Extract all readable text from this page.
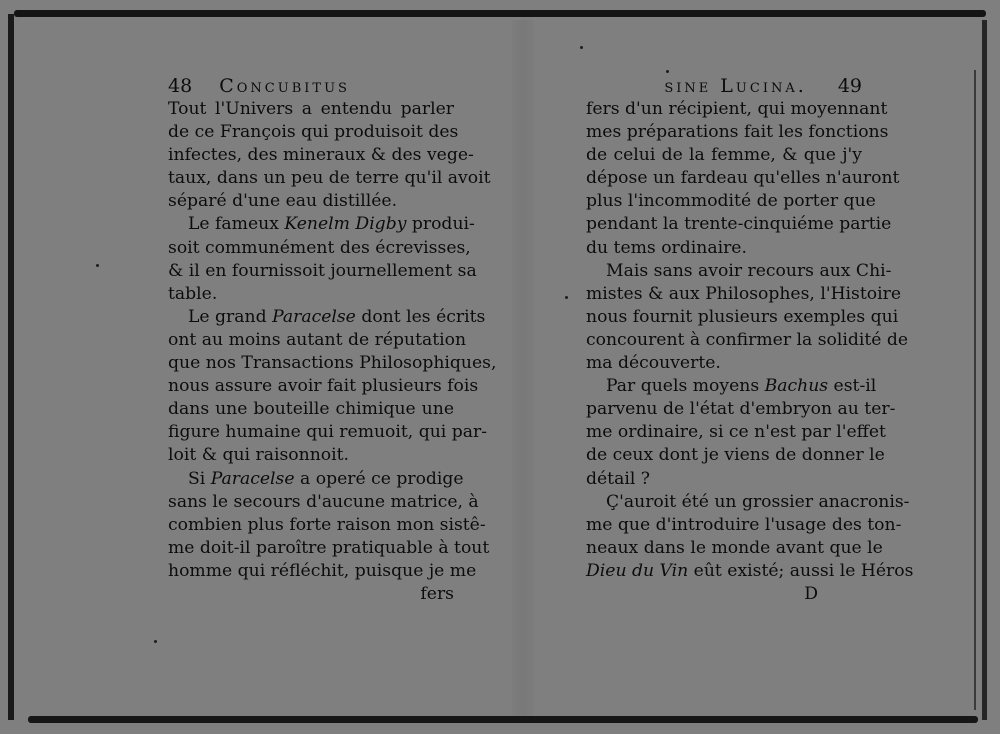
48 Concubitus
Tout l'Univers a entendu parler
de ce François qui produisoit des
infectes, des mineraux & des vege-
taux, dans un peu de terre qu'il avoit
séparé d'une eau distillée.
Le fameux Kenelm Digby produi-
soit communément des écrevisses,
& il en fournissoit journellement sa
table.
Le grand Paracelse dont les écrits
ont au moins autant de réputation
que nos Transactions Philosophiques,
nous assure avoir fait plusieurs fois
dans une bouteille chimique une
figure humaine qui remuoit, qui par-
loit & qui raisonnoit.
Si Paracelse a operé ce prodige
sans le secours d'aucune matrice, à
combien plus forte raison mon sistê-
me doit-il paroître pratiquable à tout
homme qui réfléchit, puisque je me
fers
sine Lucina. 49
fers d'un récipient, qui moyennant
mes préparations fait les fonctions
de celui de la femme, & que j'y
dépose un fardeau qu'elles n'auront
plus l'incommodité de porter que
pendant la trente-cinquiéme partie
du tems ordinaire.
Mais sans avoir recours aux Chi-
mistes & aux Philosophes, l'Histoire
nous fournit plusieurs exemples qui
concourent à confirmer la solidité de
ma découverte.
Par quels moyens Bachus est-il
parvenu de l'état d'embryon au ter-
me ordinaire, si ce n'est par l'effet
de ceux dont je viens de donner le
détail ?
Ç'auroit été un grossier anacronis-
me que d'introduire l'usage des ton-
neaux dans le monde avant que le
Dieu du Vin eût existé; aussi le Héros
D
